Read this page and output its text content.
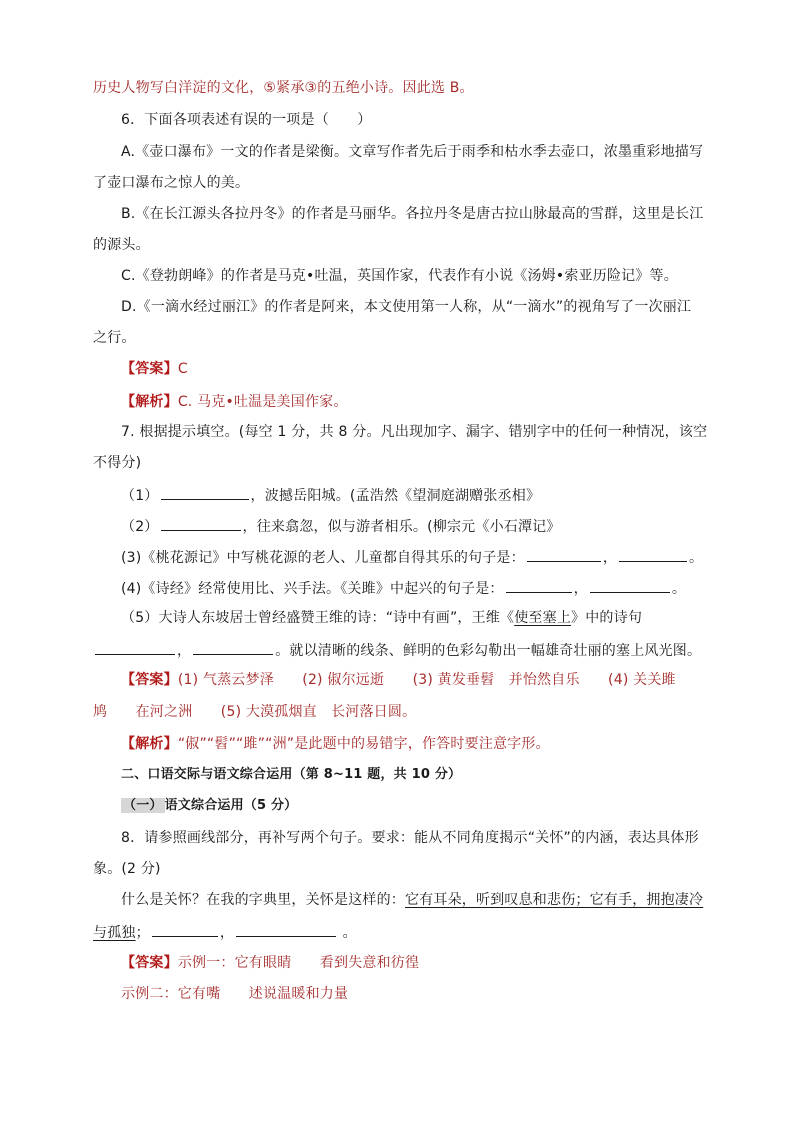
历史人物写白洋淀的文化，⑤紧承③的五绝小诗。因此选 B。
6．下面各项表述有误的一项是（　　）
A.《壶口瀑布》一文的作者是梁衡。文章写作者先后于雨季和枯水季去壶口，浓墨重彩地描写
了壶口瀑布之惊人的美。
B.《在长江源头各拉丹冬》的作者是马丽华。各拉丹冬是唐古拉山脉最高的雪群，这里是长江
的源头。
C.《登勃朗峰》的作者是马克•吐温，英国作家，代表作有小说《汤姆•索亚历险记》等。
D.《一滴水经过丽江》的作者是阿来，本文使用第一人称，从“一滴水”的视角写了一次丽江
之行。
【答案】C
【解析】C. 马克•吐温是美国作家。
7. 根据提示填空。(每空 1 分，共 8 分。凡出现加字、漏字、错别字中的任何一种情况，该空
不得分)
（1）	，波撼岳阳城。(孟浩然《望洞庭湖赠张丞相》
（2）	，往来翕忽，似与游者相乐。(柳宗元《小石潭记》
(3)《桃花源记》中写桃花源的老人、儿童都自得其乐的句子是：	，	。
(4)《诗经》经常使用比、兴手法。《关雎》中起兴的句子是：	，	。
（5）大诗人东坡居士曾经盛赞王维的诗：“诗中有画”，王维《使至塞上》中的诗句
，	。就以清晰的线条、鲜明的色彩勾勒出一幅雄奇壮丽的塞上风光图。
【答案】(1) 气蒸云梦泽　　(2) 俶尔远逝　　(3) 黄发垂髫　并怡然自乐　　(4) 关关雎
鸠　　在河之洲　　(5) 大漠孤烟直　长河落日圆。
【解析】“俶”“髫”“雎”“洲”是此题中的易错字，作答时要注意字形。
二、口语交际与语文综合运用（第 8~11 题，共 10 分）
（一） 语文综合运用（5 分）
8．请参照画线部分，再补写两个句子。要求：能从不同角度揭示“关怀”的内涵，表达具体形
象。(2 分)
什么是关怀？在我的字典里，关怀是这样的：它有耳朵，听到叹息和悲伤；它有手，拥抱凄冷
与孤独；	，	。
【答案】示例一：它有眼睛　　看到失意和彷徨
示例二：它有嘴　　述说温暖和力量
